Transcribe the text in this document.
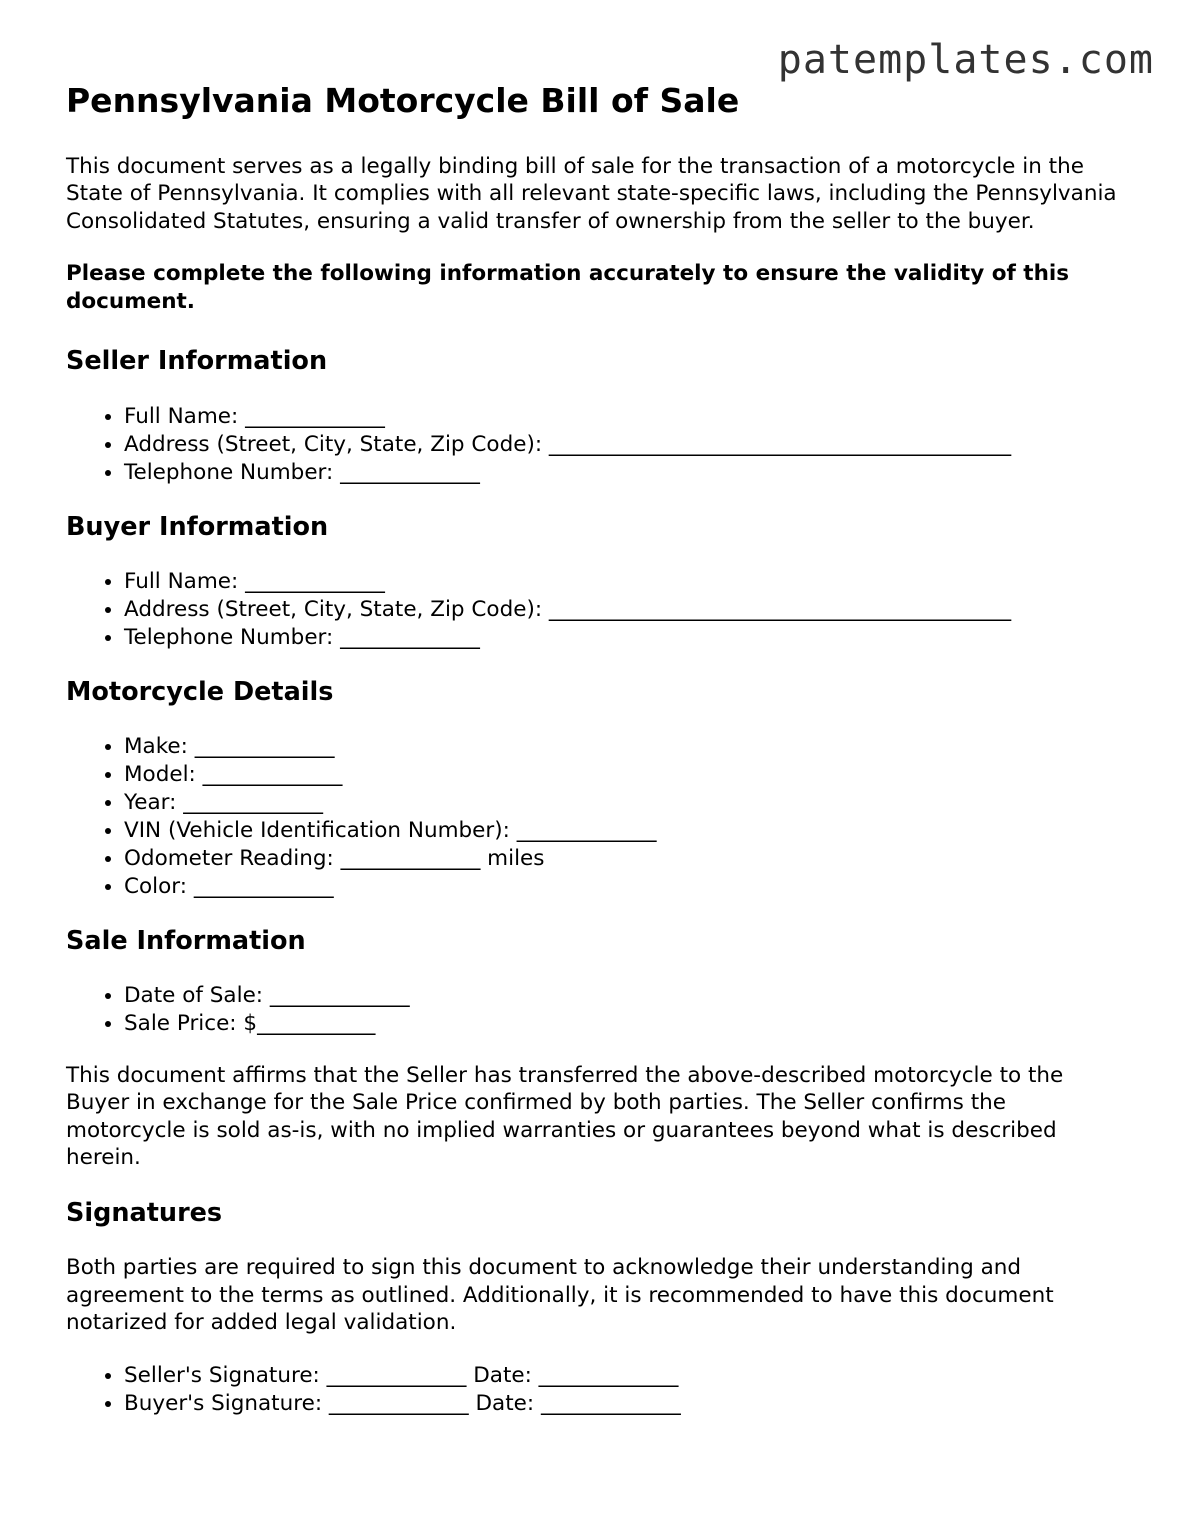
patemplates.com
Pennsylvania Motorcycle Bill of Sale

This document serves as a legally binding bill of sale for the transaction of a motorcycle in the State of Pennsylvania. It complies with all relevant state-specific laws, including the Pennsylvania Consolidated Statutes, ensuring a valid transfer of ownership from the seller to the buyer.

Please complete the following information accurately to ensure the validity of this document.

Seller Information
• Full Name: _____________
• Address (Street, City, State, Zip Code): ___________________________________________
• Telephone Number: _____________
Buyer Information
• Full Name: _____________
• Address (Street, City, State, Zip Code): ___________________________________________
• Telephone Number: _____________
Motorcycle Details
• Make: _____________
• Model: _____________
• Year: _____________
• VIN (Vehicle Identification Number): _____________
• Odometer Reading: _____________ miles
• Color: _____________
Sale Information
• Date of Sale: _____________
• Sale Price: $___________

This document affirms that the Seller has transferred the above-described motorcycle to the Buyer in exchange for the Sale Price confirmed by both parties. The Seller confirms the motorcycle is sold as-is, with no implied warranties or guarantees beyond what is described herein.

Signatures

Both parties are required to sign this document to acknowledge their understanding and agreement to the terms as outlined. Additionally, it is recommended to have this document notarized for added legal validation.

• Seller's Signature: _____________ Date: _____________
• Buyer's Signature: _____________ Date: _____________
